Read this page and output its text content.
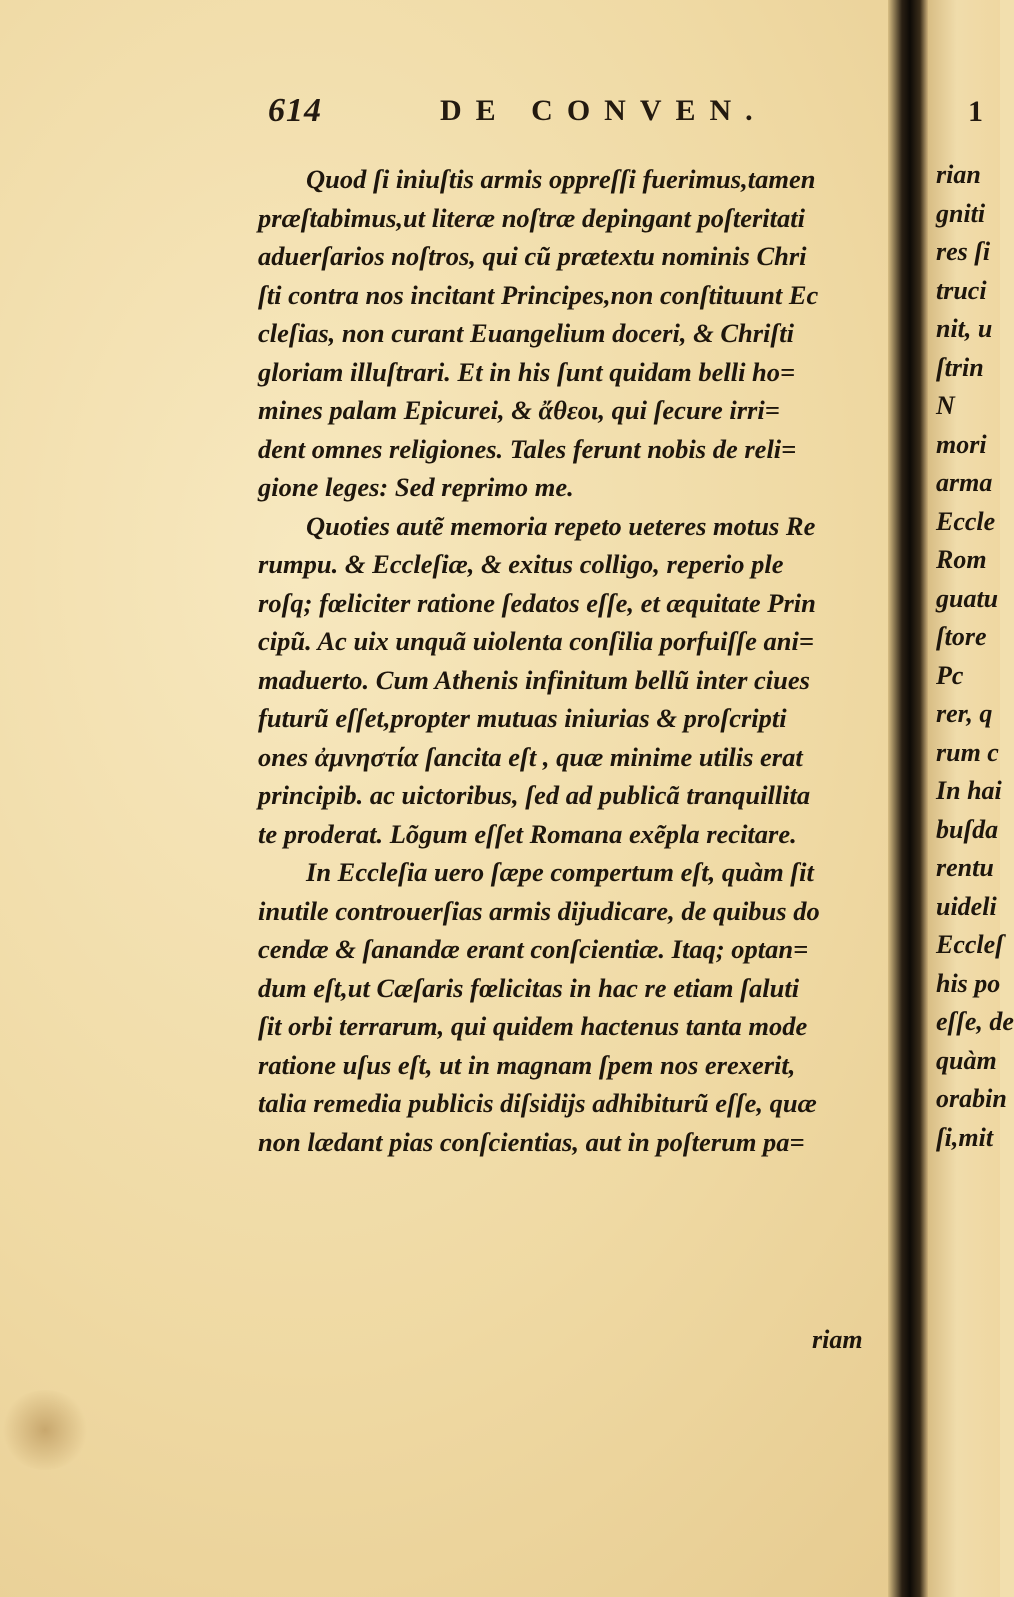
614	DE CONVEN.
Quod ſi iniuſtis armis oppreſſi fuerimus,tamen
præſtabimus,ut literæ noſtræ depingant poſteritati
aduerſarios noſtros, qui cũ prætextu nominis Chri
ſti contra nos incitant Principes,non conſtituunt Ec
cleſias, non curant Euangelium doceri, & Chriſti
gloriam illuſtrari. Et in his ſunt quidam belli ho=
mines palam Epicurei, & ἄθεοι, qui ſecure irri=
dent omnes religiones. Tales ferunt nobis de reli=
gione leges: Sed reprimo me.
Quoties autẽ memoria repeto ueteres motus Re
rumpu. & Eccleſiæ, & exitus colligo, reperio ple
roſq; fœliciter ratione ſedatos eſſe, et æquitate Prin
cipũ. Ac uix unquã uiolenta conſilia porfuiſſe ani=
maduerto. Cum Athenis infinitum bellũ inter ciues
futurũ eſſet,propter mutuas iniurias & proſcripti
ones ἀμνηστία ſancita eſt , quæ minime utilis erat
principib. ac uictoribus, ſed ad publicã tranquillita
te proderat. Lõgum eſſet Romana exẽpla recitare.
In Eccleſia uero ſæpe compertum eſt, quàm ſit
inutile controuerſias armis dijudicare, de quibus do
cendæ & ſanandæ erant conſcientiæ. Itaq; optan=
dum eſt,ut Cæſaris fœlicitas in hac re etiam ſaluti
ſit orbi terrarum, qui quidem hactenus tanta mode
ratione uſus eſt, ut in magnam ſpem nos erexerit,
talia remedia publicis diſsidijs adhibiturũ eſſe, quæ
non lædant pias conſcientias, aut in poſterum pa=
riam
1
rian
gniti
res ſi
truci
nit, u
ſtrin
N
mori
arma
Eccle
Rom
guatu
ſtore
Pc
rer, q
rum c
In hai
buſda
rentu
uideli
Eccleſ
his po
eſſe, de
quàm
orabin
ſi,mit
